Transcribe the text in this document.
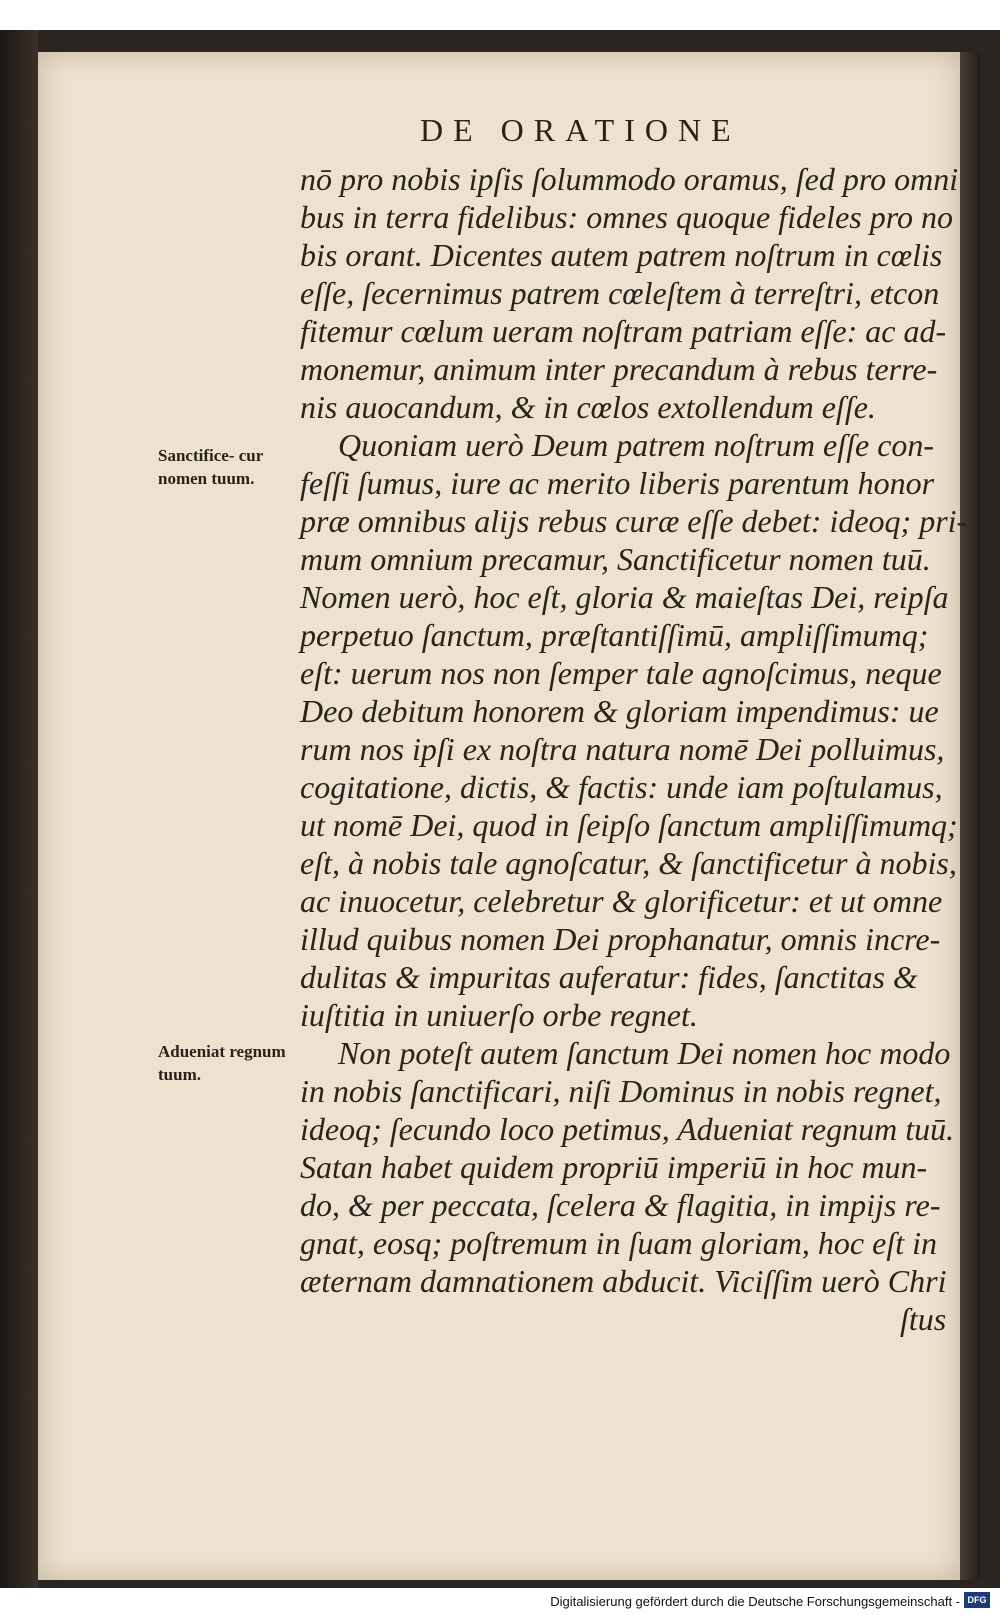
DE ORATIONE
Sanctifice- cur nomen tuum.
Adueniat regnum tuum.
nō pro nobis ipſis ſolummodo oramus, ſed pro omni
bus in terra fidelibus: omnes quoque fideles pro no
bis orant. Dicentes autem patrem noſtrum in cœlis
eſſe, ſecernimus patrem cœleſtem à terreſtri, etcon
fitemur cœlum ueram noſtram patriam eſſe: ac ad-
monemur, animum inter precandum à rebus terre-
nis auocandum, & in cœlos extollendum eſſe.
Quoniam uerò Deum patrem noſtrum eſſe con-
feſſi ſumus, iure ac merito liberis parentum honor
præ omnibus alijs rebus curæ eſſe debet: ideoq; pri-
mum omnium precamur, Sanctificetur nomen tuū.
Nomen uerò, hoc eſt, gloria & maieſtas Dei, reipſa
perpetuo ſanctum, præſtantiſſimū, ampliſſimumq;
eſt: uerum nos non ſemper tale agnoſcimus, neque
Deo debitum honorem & gloriam impendimus: ue
rum nos ipſi ex noſtra natura nomē Dei polluimus,
cogitatione, dictis, & factis: unde iam poſtulamus,
ut nomē Dei, quod in ſeipſo ſanctum ampliſſimumq;
eſt, à nobis tale agnoſcatur, & ſanctificetur à nobis,
ac inuocetur, celebretur & glorificetur: et ut omne
illud quibus nomen Dei prophanatur, omnis incre-
dulitas & impuritas auferatur: fides, ſanctitas &
iuſtitia in uniuerſo orbe regnet.
Non poteſt autem ſanctum Dei nomen hoc modo
in nobis ſanctificari, niſi Dominus in nobis regnet,
ideoq; ſecundo loco petimus, Adueniat regnum tuū.
Satan habet quidem propriū imperiū in hoc mun-
do, & per peccata, ſcelera & flagitia, in impijs re-
gnat, eosq; poſtremum in ſuam gloriam, hoc eſt in
æternam damnationem abducit. Viciſſim uerò Chri
ſtus
Digitalisierung gefördert durch die Deutsche Forschungsgemeinschaft - DFG
